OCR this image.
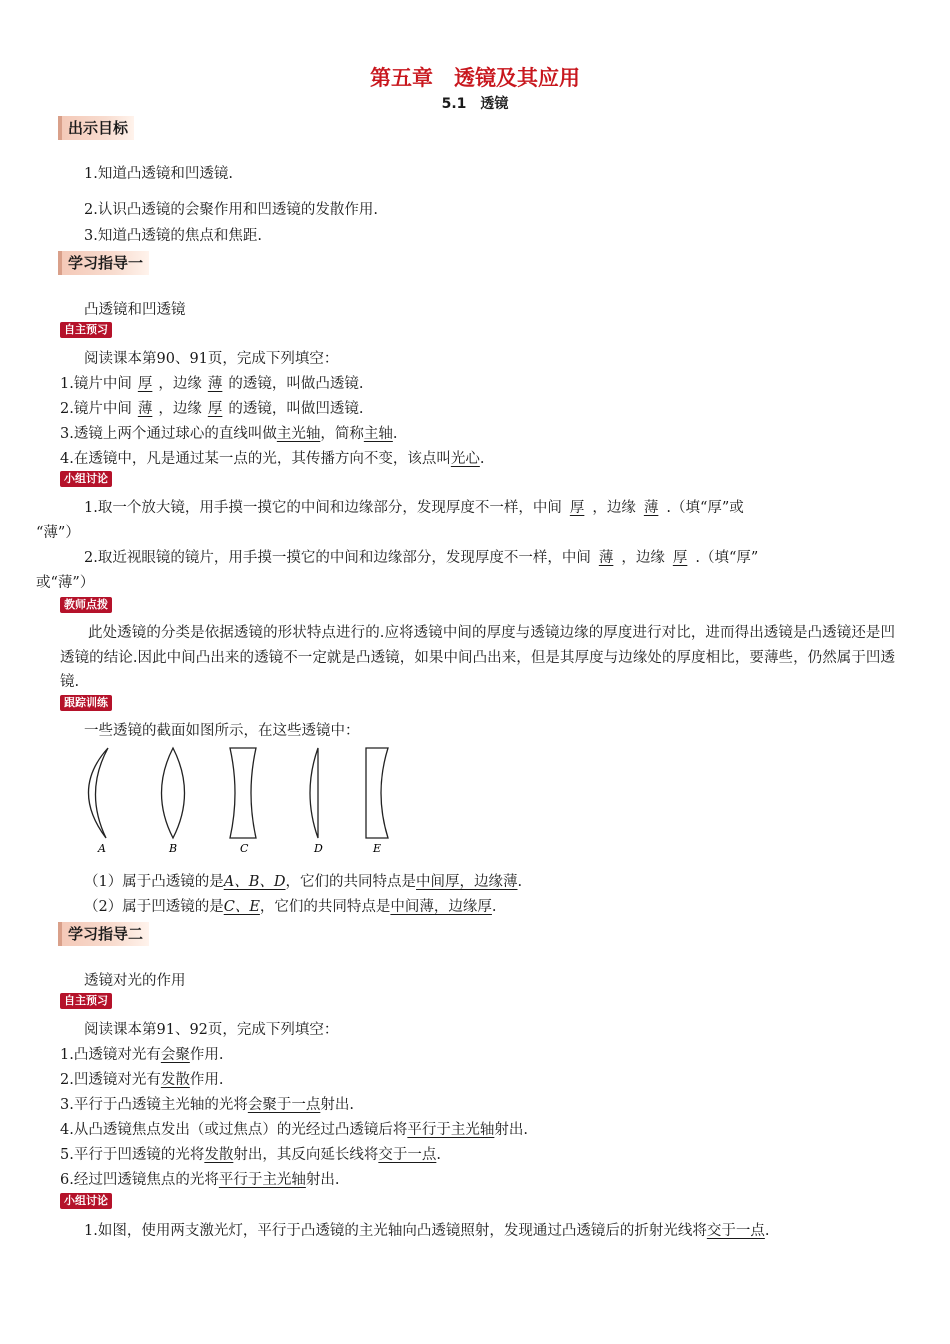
第五章　透镜及其应用
5.1　透镜
出示目标
1.知道凸透镜和凹透镜.
2.认识凸透镜的会聚作用和凹透镜的发散作用.
3.知道凸透镜的焦点和焦距.
学习指导一
凸透镜和凹透镜
自主预习
阅读课本第90、91页，完成下列填空：
1.镜片中间 厚 ，边缘 薄 的透镜，叫做凸透镜.
2.镜片中间 薄 ，边缘 厚 的透镜，叫做凹透镜.
3.透镜上两个通过球心的直线叫做主光轴，简称主轴.
4.在透镜中，凡是通过某一点的光，其传播方向不变，该点叫光心.
小组讨论
1.取一个放大镜，用手摸一摸它的中间和边缘部分，发现厚度不一样，中间 厚 ，边缘 薄 .（填“厚”或
“薄”）
2.取近视眼镜的镜片，用手摸一摸它的中间和边缘部分，发现厚度不一样，中间 薄 ，边缘 厚 .（填“厚”
或“薄”）
教师点拨
此处透镜的分类是依据透镜的形状特点进行的.应将透镜中间的厚度与透镜边缘的厚度进行对比，进而得出透镜是凸透镜还是凹透镜的结论.因此中间凸出来的透镜不一定就是凸透镜，如果中间凸出来，但是其厚度与边缘处的厚度相比，要薄些，仍然属于凹透镜.
跟踪训练
一些透镜的截面如图所示，在这些透镜中：
A	B	C	D	E
（1）属于凸透镜的是A、B、D，它们的共同特点是中间厚，边缘薄.
（2）属于凹透镜的是C、E，它们的共同特点是中间薄，边缘厚.
学习指导二
透镜对光的作用
自主预习
阅读课本第91、92页，完成下列填空：
1.凸透镜对光有会聚作用.
2.凹透镜对光有发散作用.
3.平行于凸透镜主光轴的光将会聚于一点射出.
4.从凸透镜焦点发出（或过焦点）的光经过凸透镜后将平行于主光轴射出.
5.平行于凹透镜的光将发散射出，其反向延长线将交于一点.
6.经过凹透镜焦点的光将平行于主光轴射出.
小组讨论
1.如图，使用两支激光灯，平行于凸透镜的主光轴向凸透镜照射，发现通过凸透镜后的折射光线将交于一点.
